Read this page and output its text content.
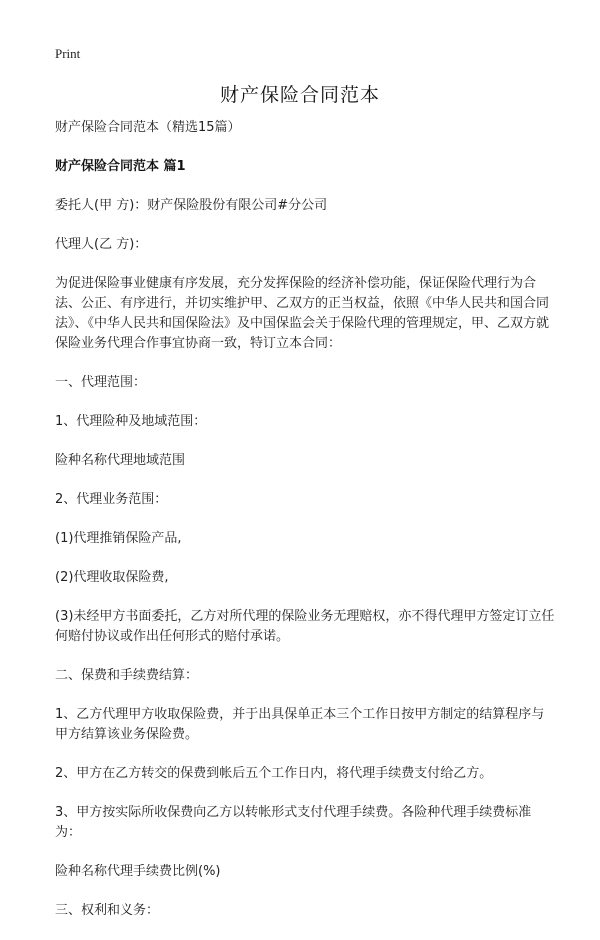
Print
财产保险合同范本

财产保险合同范本（精选15篇）

财产保险合同范本 篇1

委托人(甲 方)：财产保险股份有限公司#分公司

代理人(乙 方)：

为促进保险事业健康有序发展，充分发挥保险的经济补偿功能，保证保险代理行为合法、公正、有序进行，并切实维护甲、乙双方的正当权益，依照《中华人民共和国合同法》、《中华人民共和国保险法》及中国保监会关于保险代理的管理规定，甲、乙双方就保险业务代理合作事宜协商一致，特订立本合同：

一、代理范围：

1、代理险种及地域范围：

险种名称代理地域范围

2、代理业务范围：

(1)代理推销保险产品,

(2)代理收取保险费,

(3)未经甲方书面委托，乙方对所代理的保险业务无理赔权，亦不得代理甲方签定订立任何赔付协议或作出任何形式的赔付承诺。

二、保费和手续费结算：

1、乙方代理甲方收取保险费，并于出具保单正本三个工作日按甲方制定的结算程序与甲方结算该业务保险费。

2、甲方在乙方转交的保费到帐后五个工作日内，将代理手续费支付给乙方。

3、甲方按实际所收保费向乙方以转帐形式支付代理手续费。各险种代理手续费标准为：

险种名称代理手续费比例(%)

三、权利和义务：
